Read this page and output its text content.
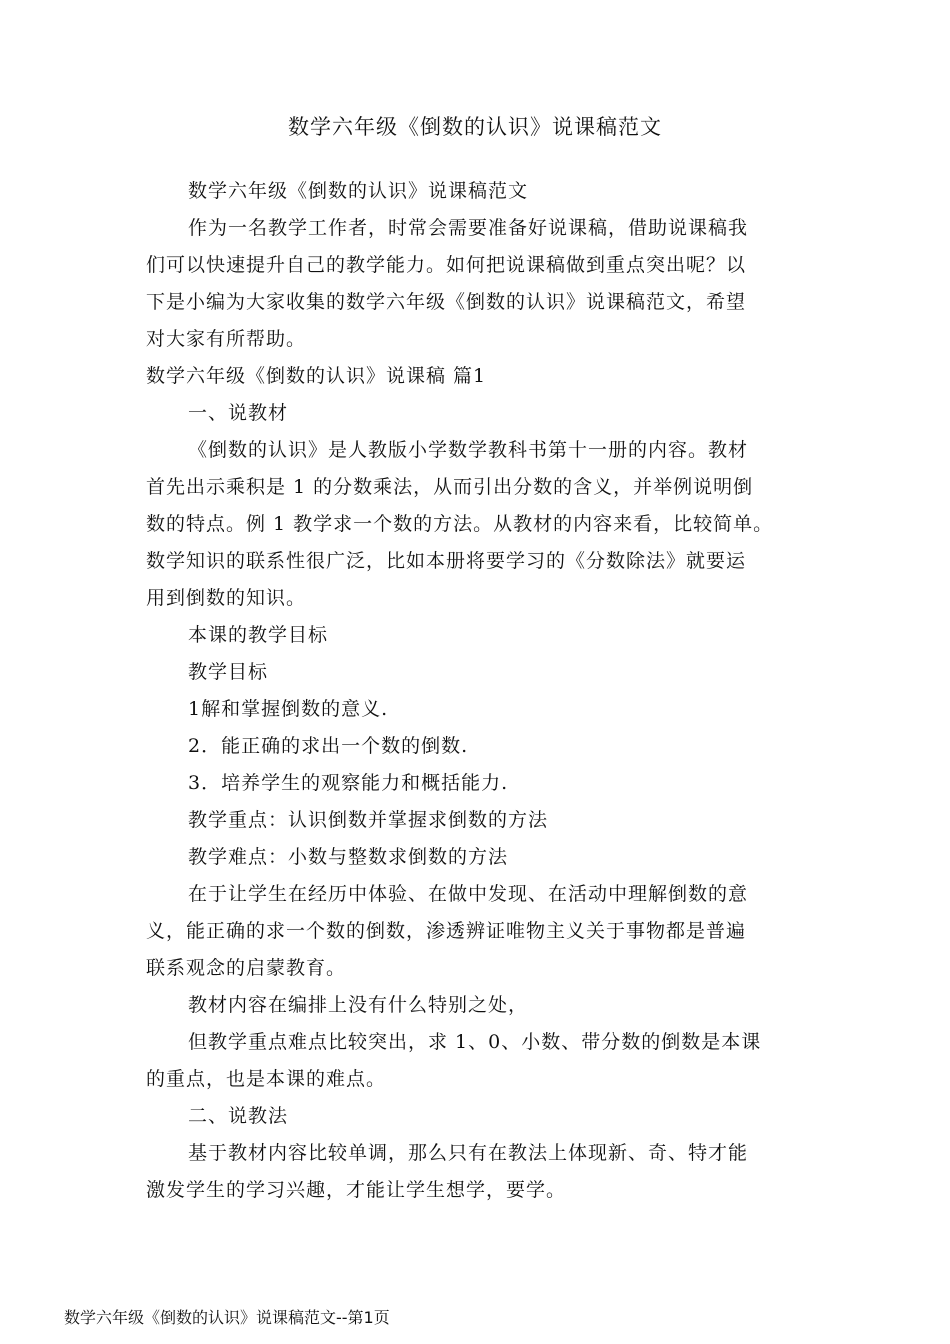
数学六年级《倒数的认识》说课稿范文
数学六年级《倒数的认识》说课稿范文
作为一名教学工作者，时常会需要准备好说课稿，借助说课稿我
们可以快速提升自己的教学能力。如何把说课稿做到重点突出呢？以
下是小编为大家收集的数学六年级《倒数的认识》说课稿范文，希望
对大家有所帮助。
数学六年级《倒数的认识》说课稿 篇1
一、说教材
《倒数的认识》是人教版小学数学教科书第十一册的内容。教材
首先出示乘积是 1 的分数乘法，从而引出分数的含义，并举例说明倒
数的特点。例 1 教学求一个数的方法。从教材的内容来看，比较简单。
数学知识的联系性很广泛，比如本册将要学习的《分数除法》就要运
用到倒数的知识。
本课的教学目标
教学目标
1解和掌握倒数的意义.
2．能正确的求出一个数的倒数.
3．培养学生的观察能力和概括能力.
教学重点：认识倒数并掌握求倒数的方法
教学难点：小数与整数求倒数的方法
在于让学生在经历中体验、在做中发现、在活动中理解倒数的意
义，能正确的求一个数的倒数，渗透辨证唯物主义关于事物都是普遍
联系观念的启蒙教育。
教材内容在编排上没有什么特别之处，
但教学重点难点比较突出，求 1、0、小数、带分数的倒数是本课
的重点，也是本课的难点。
二、说教法
基于教材内容比较单调，那么只有在教法上体现新、奇、特才能
激发学生的学习兴趣，才能让学生想学，要学。
数学六年级《倒数的认识》说课稿范文--第1页
